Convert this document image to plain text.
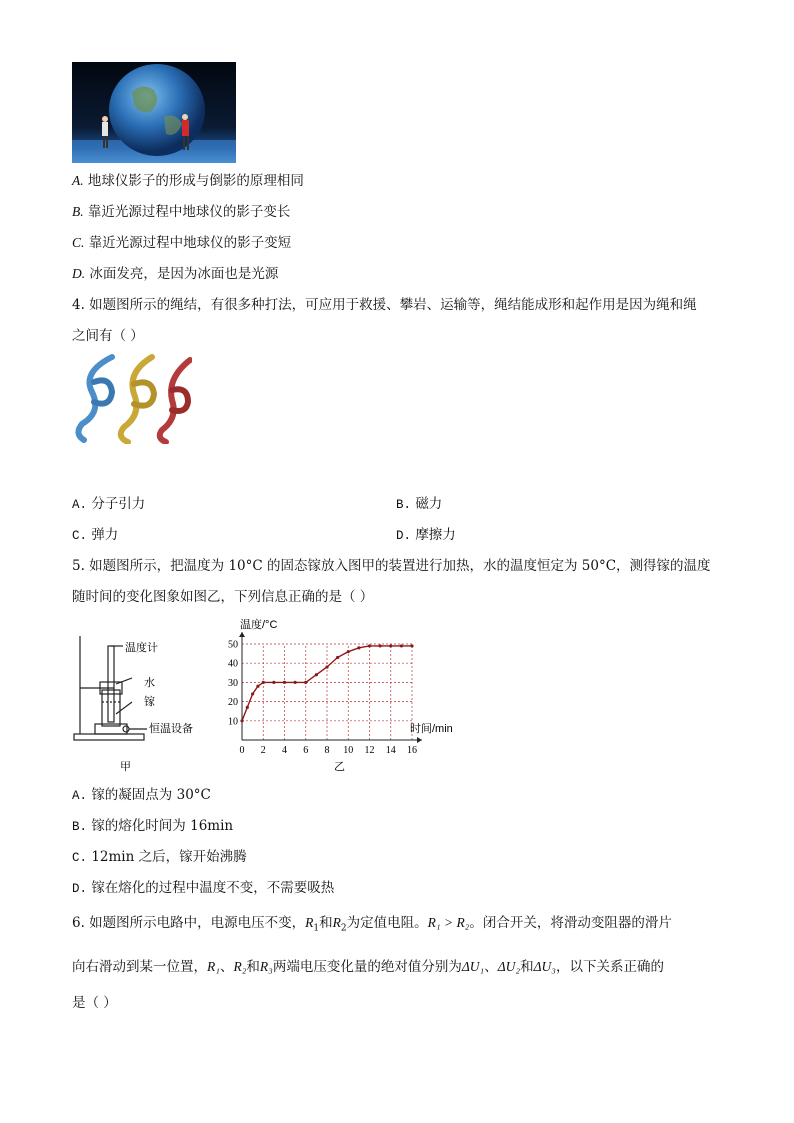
A. 地球仪影子的形成与倒影的原理相同
B. 靠近光源过程中地球仪的影子变长
C. 靠近光源过程中地球仪的影子变短
D. 冰面发亮，是因为冰面也是光源
4. 如题图所示的绳结，有很多种打法，可应用于救援、攀岩、运输等，绳结能成形和起作用是因为绳和绳
之间有（ ）
A. 分子引力	B. 磁力
C. 弹力	D. 摩擦力
5. 如题图所示，把温度为 10°C 的固态镓放入图甲的装置进行加热，水的温度恒定为 50°C，测得镓的温度
随时间的变化图象如图乙，下列信息正确的是（ ）
温度计
水
镓
恒温设备
甲
0 2 4 6 8 10 12 14 16
10
20
30
40
50
温度/°C
时间/min
乙
A. 镓的凝固点为 30°C
B. 镓的熔化时间为 16min
C. 12min 之后，镓开始沸腾
D. 镓在熔化的过程中温度不变，不需要吸热
6. 如题图所示电路中，电源电压不变，$R_1$和$R_2$为定值电阻。R₁ > R₂。闭合开关，将滑动变阻器的滑片
向右滑动到某一位置，R₁、R₂和R₃两端电压变化量的绝对值分别为ΔU₁、ΔU₂和ΔU₃，以下关系正确的
是（ ）
